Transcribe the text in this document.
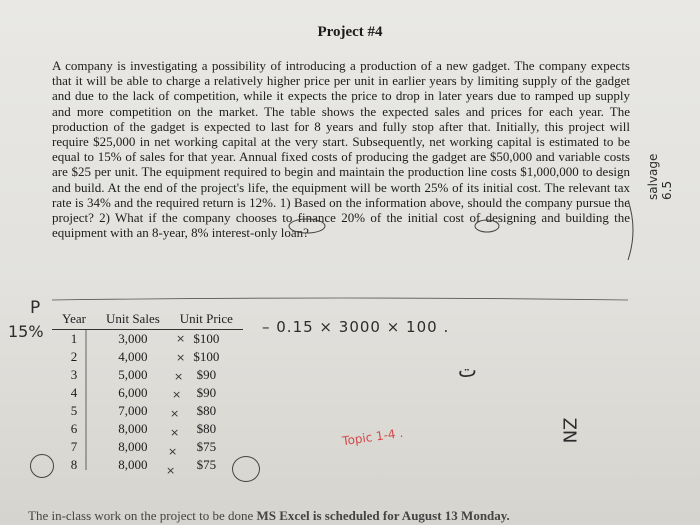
Project #4

A company is investigating a possibility of introducing a production of a new gadget. The company expects that it will be able to charge a relatively higher price per unit in earlier years by limiting supply of the gadget and due to the lack of competition, while it expects the price to drop in later years due to ramped up supply and more competition on the market. The table shows the expected sales and prices for each year. The production of the gadget is expected to last for 8 years and fully stop after that. Initially, this project will require $25,000 in net working capital at the very start. Subsequently, net working capital is estimated to be equal to 15% of sales for that year. Annual fixed costs of producing the gadget are $50,000 and variable costs are $25 per unit. The equipment required to begin and maintain the production line costs $1,000,000 to design and build. At the end of the project's life, the equipment will be worth 25% of its initial cost. The relevant tax rate is 34% and the required return is 12%. 1) Based on the information above, should the company pursue the project? 2) What if the company chooses to finance 20% of the initial cost of designing and building the equipment with an 8-year, 8% interest-only loan?

P
15%
Year	Unit Sales	Unit Price
1	3,000	$100
2	4,000	$100
3	5,000	$90
4	6,000	$90
5	7,000	$80
6	8,000	$80
7	8,000	$75
8	8,000	$75
×
×
×
×
×
×
×
×
– 0.15 × 3000 × 100 .
Topic 1-4 .
salvage 6.5
ت
ZN
The in-class work on the project to be done MS Excel is scheduled for August 13 Monday.
